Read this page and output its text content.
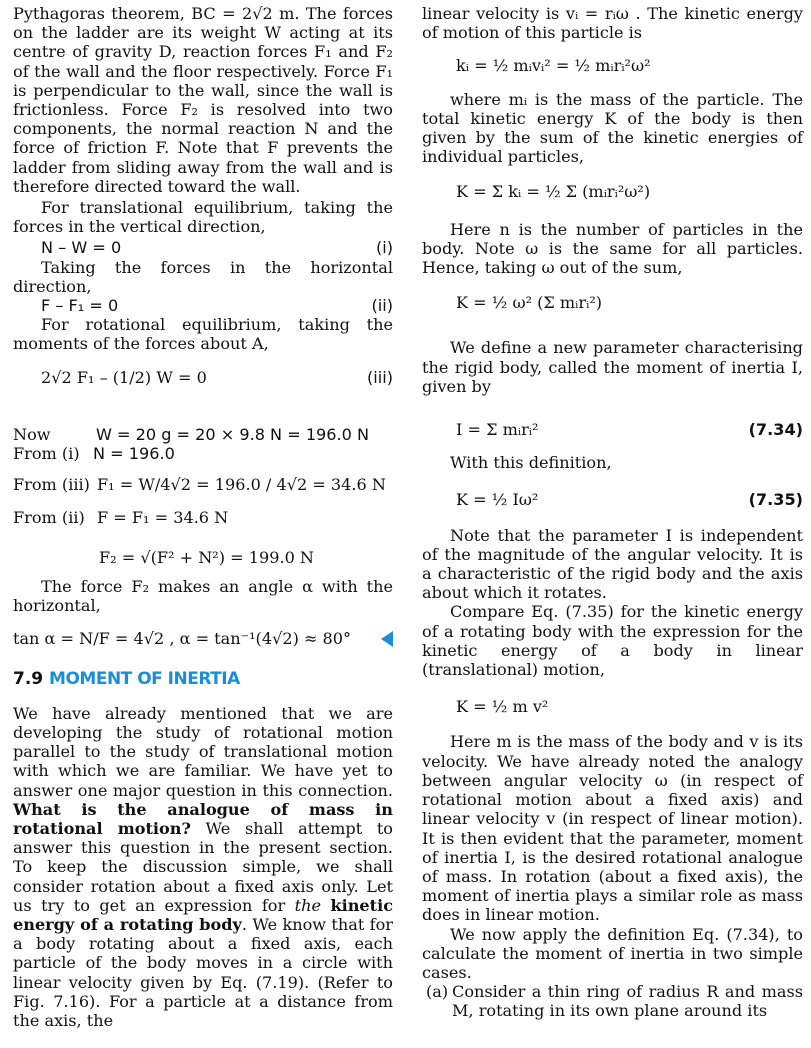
Pythagoras theorem, BC = 2√2 m. The forces on the ladder are its weight W acting at its centre of gravity D, reaction forces F₁ and F₂ of the wall and the floor respectively. Force F₁ is perpendicular to the wall, since the wall is frictionless. Force F₂ is resolved into two components, the normal reaction N and the force of friction F. Note that F prevents the ladder from sliding away from the wall and is therefore directed toward the wall.

For translational equilibrium, taking the forces in the vertical direction,

N – W = 0	(i)

Taking the forces in the horizontal direction,

F – F₁ = 0	(ii)

For rotational equilibrium, taking the moments of the forces about A,

2√2 F₁ – (1/2) W = 0	(iii)
Now	W = 20 g = 20 × 9.8 N = 196.0 N
From (i) N = 196.0
From (iii) F₁ = W/4√2 = 196.0 / 4√2 = 34.6 N
From (ii) F = F₁ = 34.6 N
F₂ = √(F² + N²) = 199.0 N

The force F₂ makes an angle α with the horizontal,

tan α = N/F = 4√2 , α = tan⁻¹(4√2) ≈ 80°
7.9 MOMENT OF INERTIA

We have already mentioned that we are developing the study of rotational motion parallel to the study of translational motion with which we are familiar. We have yet to answer one major question in this connection. What is the analogue of mass in rotational motion? We shall attempt to answer this question in the present section. To keep the discussion simple, we shall consider rotation about a fixed axis only. Let us try to get an expression for the kinetic energy of a rotating body. We know that for a body rotating about a fixed axis, each particle of the body moves in a circle with linear velocity given by Eq. (7.19). (Refer to Fig. 7.16). For a particle at a distance from the axis, the

linear velocity is vᵢ = rᵢω . The kinetic energy of motion of this particle is

kᵢ = ½ mᵢvᵢ² = ½ mᵢrᵢ²ω²

where mᵢ is the mass of the particle. The total kinetic energy K of the body is then given by the sum of the kinetic energies of individual particles,

K = Σ kᵢ = ½ Σ (mᵢrᵢ²ω²)

Here n is the number of particles in the body. Note ω is the same for all particles. Hence, taking ω out of the sum,

K = ½ ω² (Σ mᵢrᵢ²)

We define a new parameter characterising the rigid body, called the moment of inertia I, given by

I = Σ mᵢrᵢ²	(7.34)

With this definition,

K = ½ Iω²	(7.35)

Note that the parameter I is independent of the magnitude of the angular velocity. It is a characteristic of the rigid body and the axis about which it rotates.

Compare Eq. (7.35) for the kinetic energy of a rotating body with the expression for the kinetic energy of a body in linear (translational) motion,

K = ½ m v²

Here m is the mass of the body and v is its velocity. We have already noted the analogy between angular velocity ω (in respect of rotational motion about a fixed axis) and linear velocity v (in respect of linear motion). It is then evident that the parameter, moment of inertia I, is the desired rotational analogue of mass. In rotation (about a fixed axis), the moment of inertia plays a similar role as mass does in linear motion.

We now apply the definition Eq. (7.34), to calculate the moment of inertia in two simple cases.

(a) Consider a thin ring of radius R and mass M, rotating in its own plane around its
